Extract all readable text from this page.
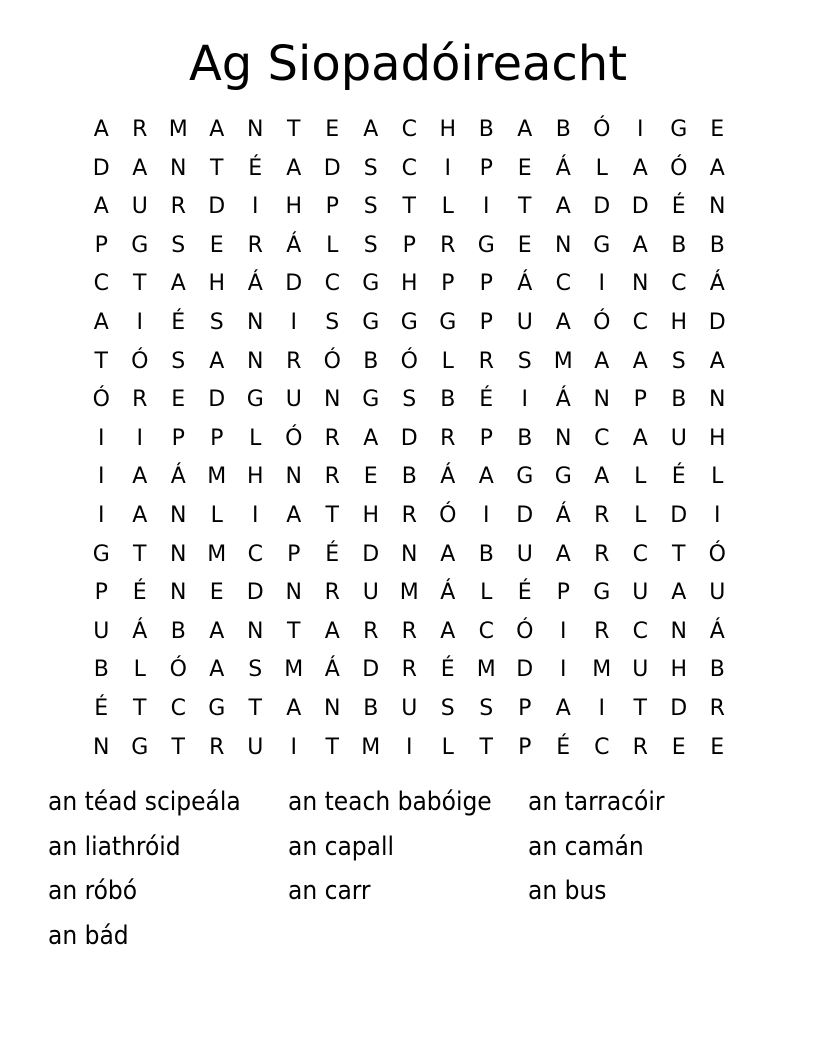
Ag Siopadóireacht
A	R M A	N	T	E	A	C	H	B	A	B	Ó	I	G	E
D	A	N	T	É	A	D	S	C	I	P	E	Á	L	A	Ó	A
A	U	R	D	I	H	P	S	T	L	I	T	A	D D	É	N
P	G	S	E	R	Á	L	S	P	R	G	E	N G	A	B	B
C	T	A	H	Á	D	C	G H	P	P	Á	C	I	N	C	Á
A	I	É	S	N	I	S	G G G	P	U	A	Ó	C	H D
T	Ó	S	A	N	R	Ó	B	Ó	L	R	S	M A	A	S	A
Ó	R	E	D G U	N G	S	B	É	I	Á	N	P	B	N
I	I	P	P	L	Ó	R	A	D	R	P	B	N	C	A	U	H
I	A	Á M H	N	R	E	B	Á	A	G G	A	L	É	L
I	A	N	L	I	A	T	H	R	Ó	I	D	Á	R	L	D	I
G	T	N M C	P	É	D N	A	B	U	A	R	C	T	Ó
P	É	N	E	D N	R	U M Á	L	É	P	G U	A	U
U	Á	B	A	N	T	A	R	R	A	C	Ó	I	R	C	N	Á
B	L	Ó	A	S	M Á	D	R	É	M D	I	M U	H	B
É	T	C	G	T	A	N	B	U	S	S	P	A	I	T	D	R
N G	T	R	U	I	T	M	I	L	T	P	É	C	R	E	E
an téad scipeála	an teach babóige	an tarracóir
an liathróid	an capall	an camán
an róbó	an carr	an bus
an bád
